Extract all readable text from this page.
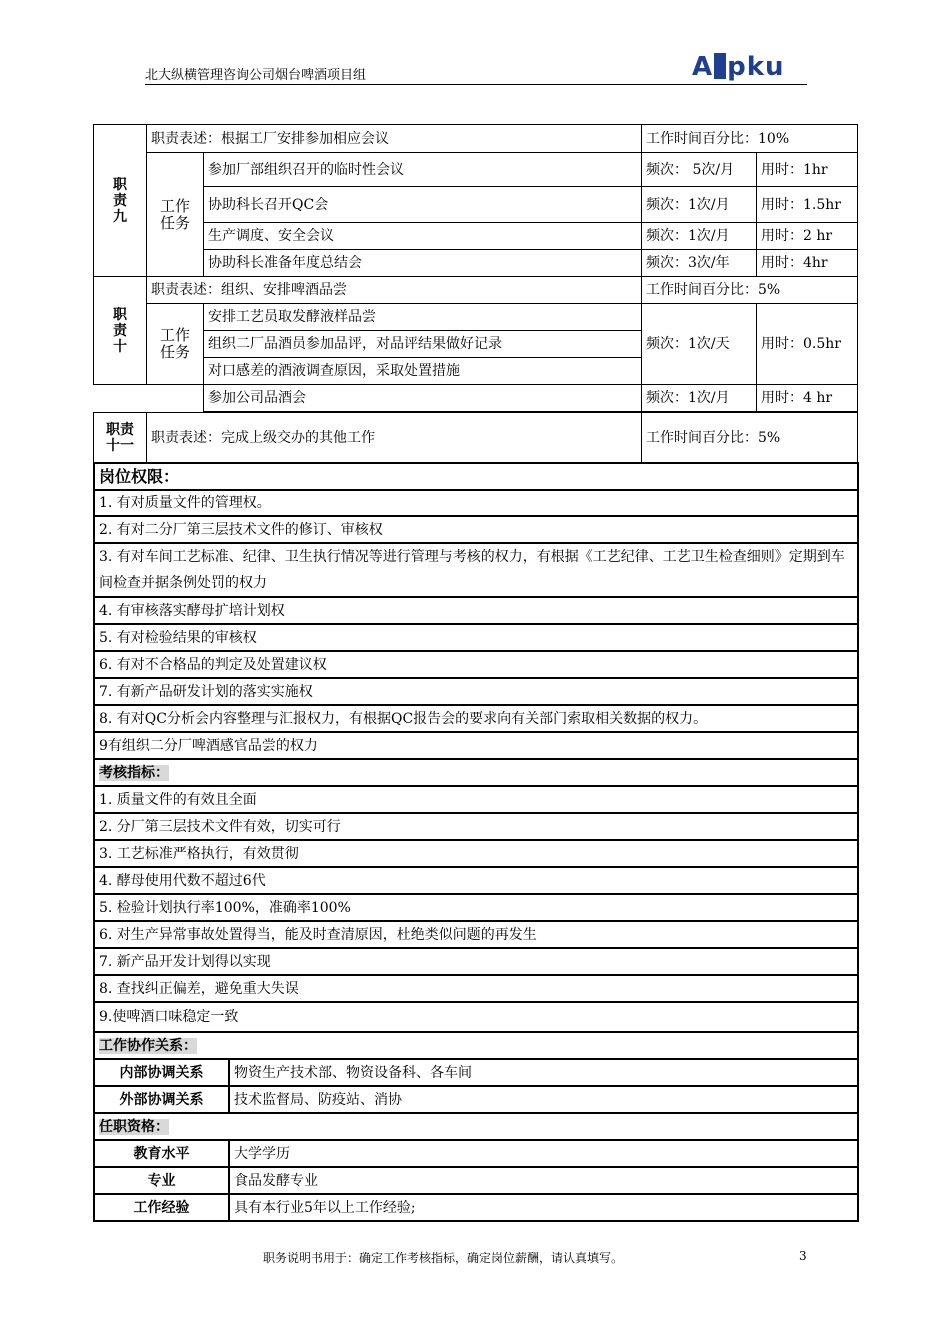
北大纵横管理咨询公司烟台啤酒项目组	A pku
职责九	职责表述：根据工厂安排参加相应会议		工作时间百分比：10%	
	工作任务	参加厂部组织召开的临时性会议	频次： 5次/月	用时：1hr
		协助科长召开QC会	频次：1次/月	用时：1.5hr
		生产调度、安全会议	频次：1次/月	用时：2 hr
		协助科长准备年度总结会	频次：3次/年	用时：4hr
职责十	职责表述：组织、安排啤酒品尝		工作时间百分比：5%	
	工作任务	安排工艺员取发酵液样品尝	频次：1次/天	用时：0.5hr
		组织二厂品酒员参加品评，对品评结果做好记录		
		对口感差的酒液调查原因，采取处置措施		
		参加公司品酒会	频次：1次/月	用时：4 hr
职责十一	职责表述：完成上级交办的其他工作	工作时间百分比：5%
岗位权限：	
1. 有对质量文件的管理权。	
2. 有对二分厂第三层技术文件的修订、审核权	
3. 有对车间工艺标准、纪律、卫生执行情况等进行管理与考核的权力，有根据《工艺纪律、工艺卫生检查细则》定期到车间检查并据条例处罚的权力	
4. 有审核落实酵母扩培计划权	
5. 有对检验结果的审核权	
6. 有对不合格品的判定及处置建议权	
7. 有新产品研发计划的落实实施权	
8. 有对QC分析会内容整理与汇报权力，有根据QC报告会的要求向有关部门索取相关数据的权力。	
9有组织二分厂啤酒感官品尝的权力	
考核指标：	
1. 质量文件的有效且全面	
2. 分厂第三层技术文件有效，切实可行	
3. 工艺标准严格执行，有效贯彻	
4. 酵母使用代数不超过6代	
5. 检验计划执行率100%，准确率100%	
6. 对生产异常事故处置得当，能及时查清原因，杜绝类似问题的再发生	
7. 新产品开发计划得以实现	
8. 查找纠正偏差，避免重大失误	
9.使啤酒口味稳定一致	
工作协作关系：	
内部协调关系	物资生产技术部、物资设备科、各车间
外部协调关系	技术监督局、防疫站、消协
任职资格：	
教育水平	大学学历
专业	食品发酵专业
工作经验	具有本行业5年以上工作经验;
职务说明书用于：确定工作考核指标，确定岗位薪酬，请认真填写。	3
